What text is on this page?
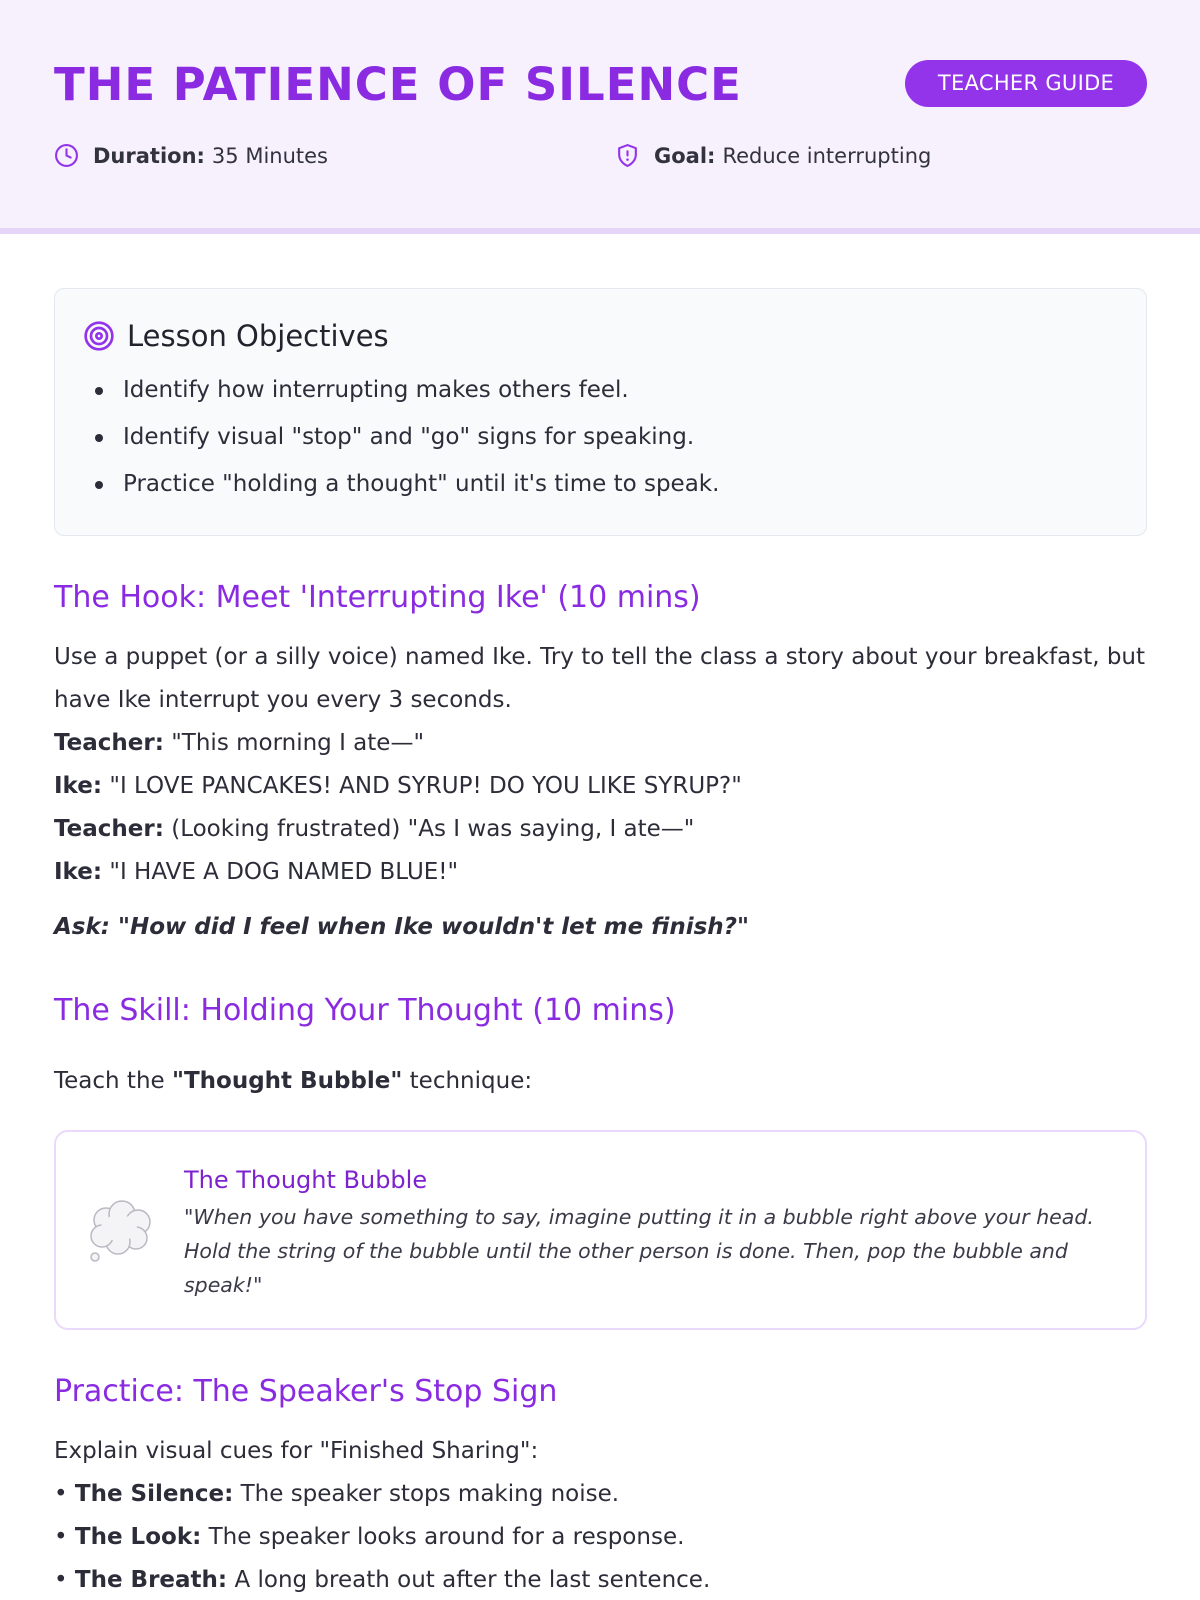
THE PATIENCE OF SILENCE	TEACHER GUIDE
Duration: 35 Minutes	Goal: Reduce interrupting
Lesson Objectives
Identify how interrupting makes others feel.
Identify visual "stop" and "go" signs for speaking.
Practice "holding a thought" until it's time to speak.
The Hook: Meet 'Interrupting Ike' (10 mins)
Use a puppet (or a silly voice) named Ike. Try to tell the class a story about your breakfast, but have Ike interrupt you every 3 seconds.
Teacher: "This morning I ate—"
Ike: "I LOVE PANCAKES! AND SYRUP! DO YOU LIKE SYRUP?"
Teacher: (Looking frustrated) "As I was saying, I ate—"
Ike: "I HAVE A DOG NAMED BLUE!"
Ask: "How did I feel when Ike wouldn't let me finish?"
The Skill: Holding Your Thought (10 mins)
Teach the "Thought Bubble" technique:
The Thought Bubble
"When you have something to say, imagine putting it in a bubble right above your head. Hold the string of the bubble until the other person is done. Then, pop the bubble and speak!"
Practice: The Speaker's Stop Sign
Explain visual cues for "Finished Sharing":
• The Silence: The speaker stops making noise.
• The Look: The speaker looks around for a response.
• The Breath: A long breath out after the last sentence.
